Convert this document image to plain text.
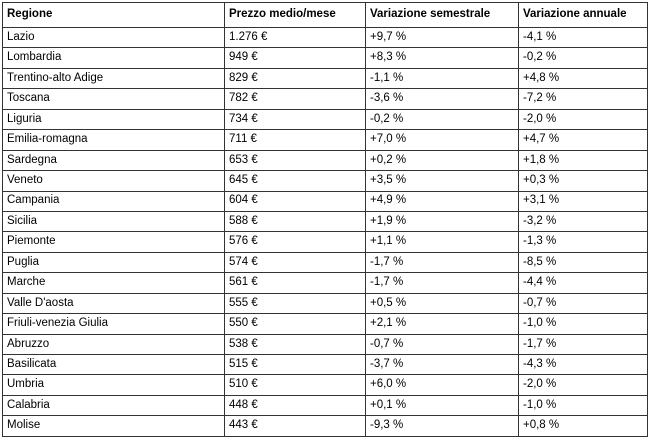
Regione	Prezzo medio/mese	Variazione semestrale	Variazione annuale
Lazio	1.276 €	+9,7 %	-4,1 %
Lombardia	949 €	+8,3 %	-0,2 %
Trentino-alto Adige	829 €	-1,1 %	+4,8 %
Toscana	782 €	-3,6 %	-7,2 %
Liguria	734 €	-0,2 %	-2,0 %
Emilia-romagna	711 €	+7,0 %	+4,7 %
Sardegna	653 €	+0,2 %	+1,8 %
Veneto	645 €	+3,5 %	+0,3 %
Campania	604 €	+4,9 %	+3,1 %
Sicilia	588 €	+1,9 %	-3,2 %
Piemonte	576 €	+1,1 %	-1,3 %
Puglia	574 €	-1,7 %	-8,5 %
Marche	561 €	-1,7 %	-4,4 %
Valle D'aosta	555 €	+0,5 %	-0,7 %
Friuli-venezia Giulia	550 €	+2,1 %	-1,0 %
Abruzzo	538 €	-0,7 %	-1,7 %
Basilicata	515 €	-3,7 %	-4,3 %
Umbria	510 €	+6,0 %	-2,0 %
Calabria	448 €	+0,1 %	-1,0 %
Molise	443 €	-9,3 %	+0,8 %
